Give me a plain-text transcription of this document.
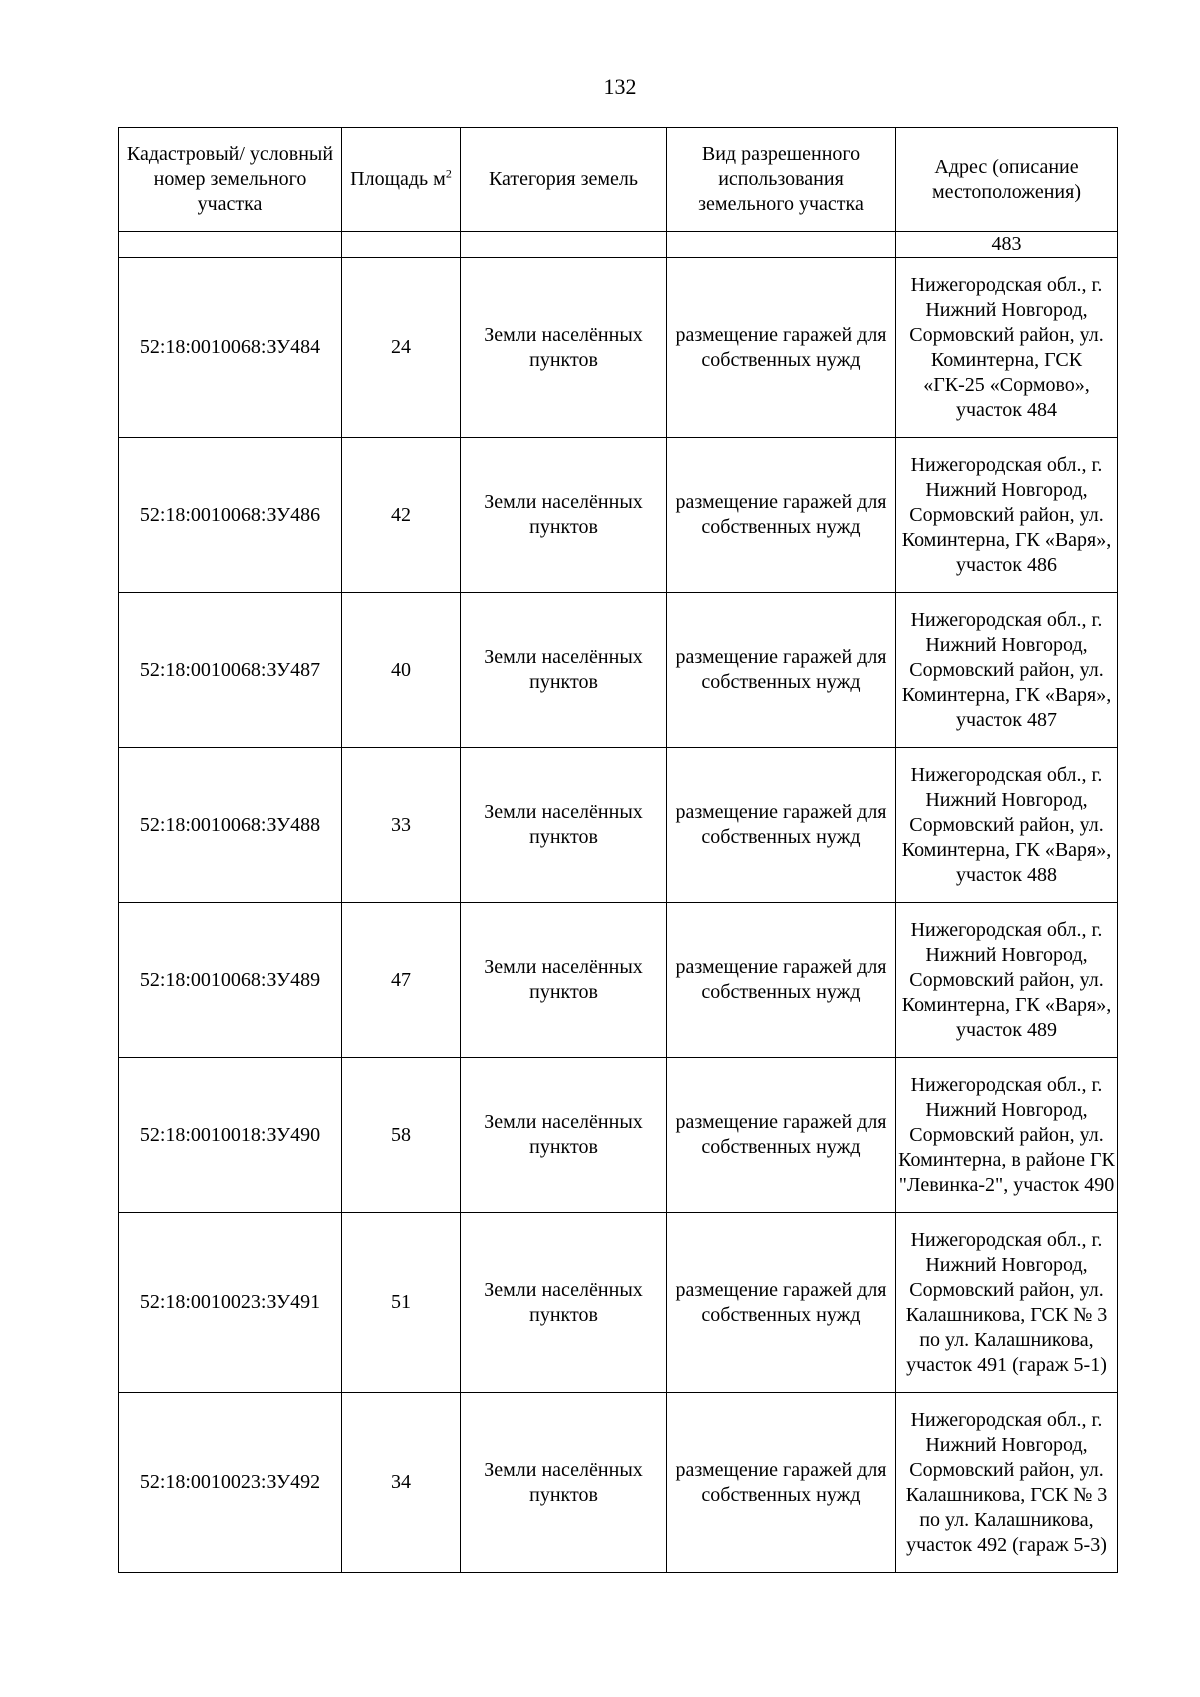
132
Кадастровый/ условный номер земельного участка	Площадь $м^2$	Категория земель	Вид разрешенного использования земельного участка	Адрес (описание местоположения)
				483
52:18:0010068:ЗУ484	24	Земли населённых пунктов	размещение гаражей для собственных нужд	Нижегородская обл., г. Нижний Новгород, Сормовский район, ул. Коминтерна, ГСК «ГК-25 «Сормово», участок 484
52:18:0010068:ЗУ486	42	Земли населённых пунктов	размещение гаражей для собственных нужд	Нижегородская обл., г. Нижний Новгород, Сормовский район, ул. Коминтерна, ГК «Варя», участок 486
52:18:0010068:ЗУ487	40	Земли населённых пунктов	размещение гаражей для собственных нужд	Нижегородская обл., г. Нижний Новгород, Сормовский район, ул. Коминтерна, ГК «Варя», участок 487
52:18:0010068:ЗУ488	33	Земли населённых пунктов	размещение гаражей для собственных нужд	Нижегородская обл., г. Нижний Новгород, Сормовский район, ул. Коминтерна, ГК «Варя», участок 488
52:18:0010068:ЗУ489	47	Земли населённых пунктов	размещение гаражей для собственных нужд	Нижегородская обл., г. Нижний Новгород, Сормовский район, ул. Коминтерна, ГК «Варя», участок 489
52:18:0010018:ЗУ490	58	Земли населённых пунктов	размещение гаражей для собственных нужд	Нижегородская обл., г. Нижний Новгород, Сормовский район, ул. Коминтерна, в районе ГК "Левинка-2", участок 490
52:18:0010023:ЗУ491	51	Земли населённых пунктов	размещение гаражей для собственных нужд	Нижегородская обл., г. Нижний Новгород, Сормовский район, ул. Калашникова, ГСК № 3 по ул. Калашникова, участок 491 (гараж 5-1)
52:18:0010023:ЗУ492	34	Земли населённых пунктов	размещение гаражей для собственных нужд	Нижегородская обл., г. Нижний Новгород, Сормовский район, ул. Калашникова, ГСК № 3 по ул. Калашникова, участок 492 (гараж 5-3)
